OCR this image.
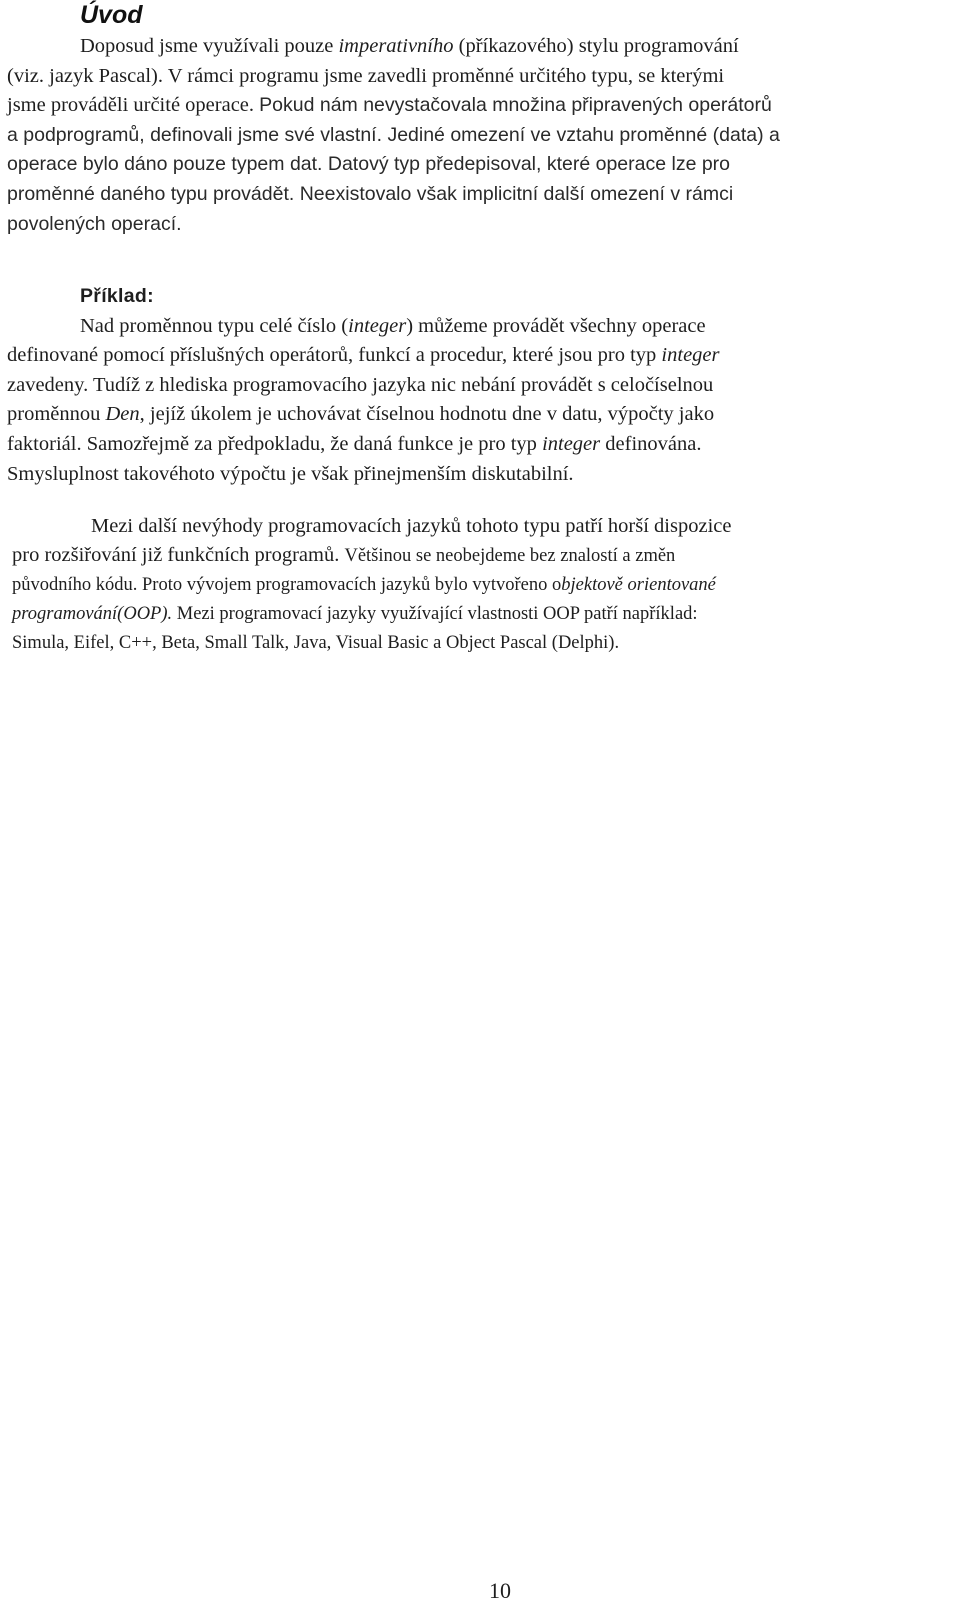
Úvod
Doposud jsme využívali pouze imperativního (příkazového) stylu programování
(viz. jazyk Pascal). V rámci programu jsme zavedli proměnné určitého typu, se kterými
jsme prováděli určité operace. Pokud nám nevystačovala množina připravených operátorů
a podprogramů, definovali jsme své vlastní. Jediné omezení ve vztahu proměnné (data) a
operace bylo dáno pouze typem dat. Datový typ předepisoval, které operace lze pro
proměnné daného typu provádět. Neexistovalo však implicitní další omezení v rámci
povolených operací.
Příklad:
Nad proměnnou typu celé číslo (integer) můžeme provádět všechny operace
definované pomocí příslušných operátorů, funkcí a procedur, které jsou pro typ integer
zavedeny. Tudíž z hlediska programovacího jazyka nic nebání provádět s celočíselnou
proměnnou Den, jejíž úkolem je uchovávat číselnou hodnotu dne v datu, výpočty jako
faktoriál. Samozřejmě za předpokladu, že daná funkce je pro typ integer definována.
Smysluplnost takovéhoto výpočtu je však přinejmenším diskutabilní.
Mezi další nevýhody programovacích jazyků tohoto typu patří horší dispozice
pro rozšiřování již funkčních programů. Většinou se neobejdeme bez znalostí a změn
původního kódu. Proto vývojem programovacích jazyků bylo vytvořeno objektově orientované
programování(OOP). Mezi programovací jazyky využívající vlastnosti OOP patří například:
Simula, Eifel, C++, Beta, Small Talk, Java, Visual Basic a Object Pascal (Delphi).
10
